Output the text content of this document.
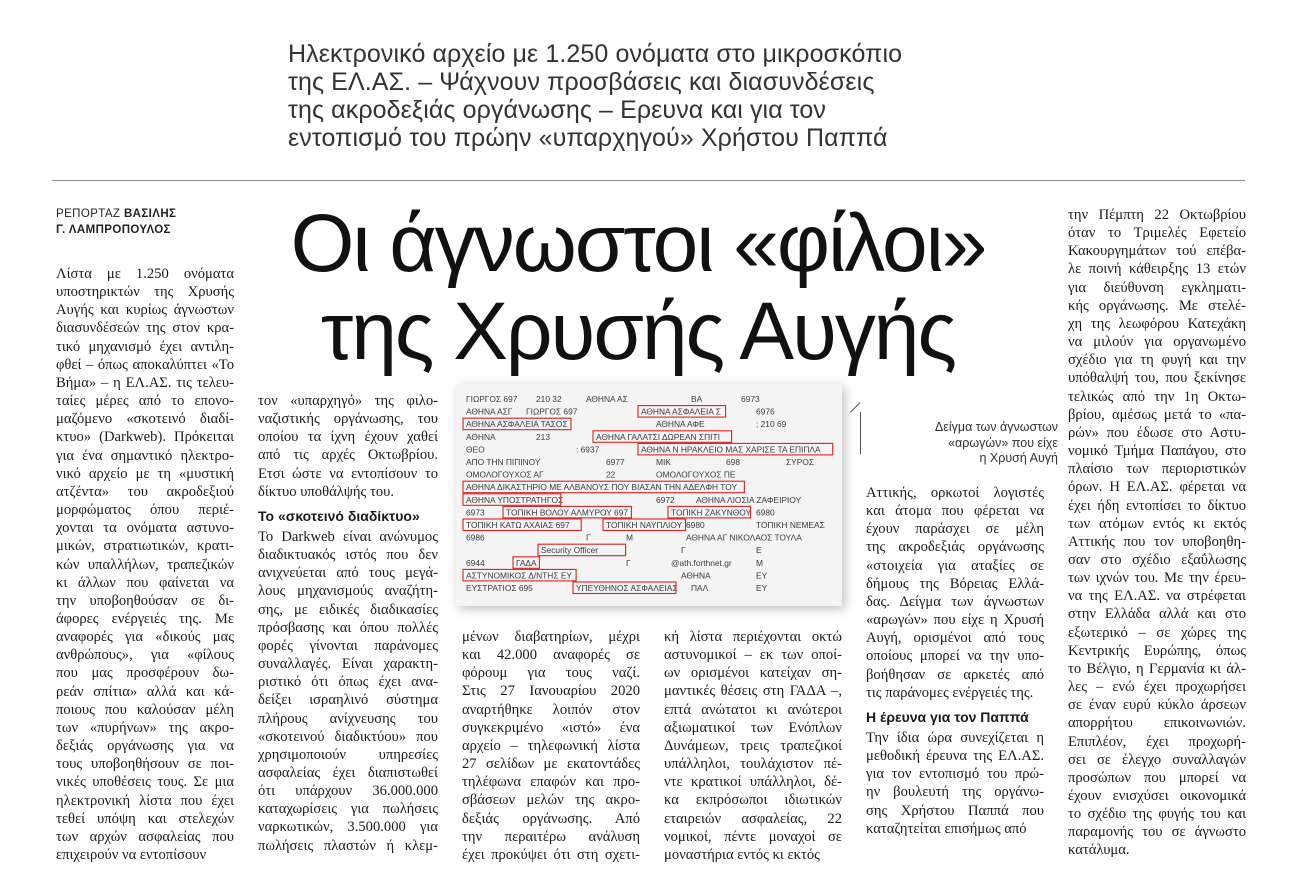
Ηλεκτρονικό αρχείο με 1.250 ονόματα στο μικροσκόπιο
της ΕΛ.ΑΣ. – Ψάχνουν προσβάσεις και διασυνδέσεις
της ακροδεξιάς οργάνωσης – Ερευνα και για τον
εντοπισμό του πρώην «υπαρχηγού» Χρήστου Παππά
ΡΕΠΟΡΤΑΖ ΒΑΣΙΛΗΣ
Γ. ΛΑΜΠΡΟΠΟΥΛΟΣ	Οι άγνωστοι «φίλοι»
της Χρυσής Αυγής
Λίστα με 1.250 ονόματα
υποστηρικτών της Χρυσής
Αυγής και κυρίως άγνωστων
διασυνδέσεών της στον κρα-
τικό μηχανισμό έχει αντιλη-
φθεί – όπως αποκαλύπτει «Το
Βήμα» – η ΕΛ.ΑΣ. τις τελευ-
ταίες μέρες από το επονο-
μαζόμενο «σκοτεινό διαδί-
κτυο» (Darkweb). Πρόκειται
για ένα σημαντικό ηλεκτρο-
νικό αρχείο με τη «μυστική
ατζέντα» του ακροδεξιού
μορφώματος όπου περιέ-
χονται τα ονόματα αστυνο-
μικών, στρατιωτικών, κρατι-
κών υπαλλήλων, τραπεζικών
κι άλλων που φαίνεται να
την υποβοηθούσαν σε δι-
άφορες ενέργειές της. Με
αναφορές για «δικούς μας
ανθρώπους», για «φίλους
που μας προσφέρουν δω-
ρεάν σπίτια» αλλά και κά-
ποιους που καλούσαν μέλη
των «πυρήνων» της ακρο-
δεξιάς οργάνωσης για να
τους υποβοηθήσουν σε ποι-
νικές υποθέσεις τους. Σε μια
ηλεκτρονική λίστα που έχει
τεθεί υπόψη και στελεχών
των αρχών ασφαλείας που
επιχειρούν να εντοπίσουν
τον «υπαρχηγό» της φιλο-
ναζιστικής οργάνωσης, του
οποίου τα ίχνη έχουν χαθεί
από τις αρχές Οκτωβρίου.
Ετσι ώστε να εντοπίσουν το
δίκτυο υποθάλψής του.

Το «σκοτεινό διαδίκτυο»

Το Darkweb είναι ανώνυμος
διαδικτυακός ιστός που δεν
ανιχνεύεται από τους μεγά-
λους μηχανισμούς αναζήτη-
σης, με ειδικές διαδικασίες
πρόσβασης και όπου πολλές
φορές γίνονται παράνομες
συναλλαγές. Είναι χαρακτη-
ριστικό ότι όπως έχει ανα-
δείξει ισραηλινό σύστημα
πλήρους ανίχνευσης του
«σκοτεινού διαδικτύου» που
χρησιμοποιούν υπηρεσίες
ασφαλείας έχει διαπιστωθεί
ότι υπάρχουν 36.000.000
καταχωρίσεις για πωλήσεις
ναρκωτικών, 3.500.000 για
πωλήσεις πλαστών ή κλεμ-
ΓΙΩΡΓΟΣ 697 210 32	ΑΘΗΝΑ ΑΣ	ΒΑ	6973
ΑΘΗΝΑ ΑΣΓ ΓΙΩΡΓΟΣ 697	ΑΘΗΝΑ ΑΣΦΑΛΕΙΑ Σ	6976
ΑΘΗΝΑ ΑΣΦΑΛΕΙΑ ΤΑΣΟΣ	ΑΘΗΝΑ ΑΦΕ	; 210 69
ΑΘΗΝΑ	213	ΑΘΗΝΑ ΓΑΛΑΤΣΙ ΔΩΡΕΑΝ ΣΠΙΤΙ
ΘΕΟ	: 6937	ΑΘΗΝΑ Ν ΗΡΑΚΛΕΙΟ ΜΑΣ ΧΑΡΙΣΕ ΤΑ ΕΠΙΠΛΑ
ΑΠΟ ΤΗΝ ΠΙΠΙΝΟΥ	6977	ΜΙΚ	698	ΣΥΡΟΣ
ΟΜΟΛΟΓΟΥΧΟΣ ΑΓ	22	ΟΜΟΛΟΓΟΥΧΟΣ ΠΕ
ΑΘΗΝΑ ΔΙΚΑΣΤΗΡΙΟ ΜΕ ΑΛΒΑΝΟΥΣ ΠΟΥ ΒΙΑΣΑΝ ΤΗΝ ΑΔΕΛΦΗ ΤΟΥ
ΑΘΗΝΑ ΥΠΟΣΤΡΑΤΗΓΟΣ	6972	ΑΘΗΝΑ ΛΙΟΣΙΑ ΖΑΦΕΙΡΙΟΥ
6973	ΤΟΠΙΚΗ ΒΟΛΟΥ ΑΛΜΥΡΟΥ 697	ΤΟΠΙΚΗ ΖΑΚΥΝΘΟΥ 6980
ΤΟΠΙΚΗ ΚΑΤΩ ΑΧΑΙΑΣ 697	ΤΟΠΙΚΗ ΝΑΥΠΛΙΟΥ 6980	ΤΟΠΙΚΗ ΝΕΜΕΑΣ
6986	Γ	Μ	ΑΘΗΝΑ ΑΓ ΝΙΚΟΛΑΟΣ ΤΟΥΛΑ
Security Officer	Γ	Ε
6944	ΓΑΔΑ	Γ	@ath.forthnet.gr	Μ
ΑΣΤΥΝΟΜΙΚΟΣ Δ/ΝΤΗΣ ΕΥ	ΑΘΗΝΑ	ΕΥ
ΕΥΣΤΡΑΤΙΟΣ 695	ΥΠΕΥΘΗΝΟΣ ΑΣΦΑΛΕΙΑΣ ΠΑΛ	ΕΥ
Δείγμα των άγνωστων
«αρωγών» που είχε
η Χρυσή Αυγή
μένων διαβατηρίων, μέχρι
και 42.000 αναφορές σε
φόρουμ για τους ναζί.
Στις 27 Ιανουαρίου 2020
αναρτήθηκε λοιπόν στον
συγκεκριμένο «ιστό» ένα
αρχείο – τηλεφωνική λίστα
27 σελίδων με εκατοντάδες
τηλέφωνα επαφών και προ-
σβάσεων μελών της ακρο-
δεξιάς οργάνωσης. Από
την περαιτέρω ανάλυση
έχει προκύψει ότι στη σχετι-
κή λίστα περιέχονται οκτώ
αστυνομικοί – εκ των οποί-
ων ορισμένοι κατείχαν ση-
μαντικές θέσεις στη ΓΑΔΑ –,
επτά ανώτατοι κι ανώτεροι
αξιωματικοί των Ενόπλων
Δυνάμεων, τρεις τραπεζικοί
υπάλληλοι, τουλάχιστον πέ-
ντε κρατικοί υπάλληλοι, δέ-
κα εκπρόσωποι ιδιωτικών
εταιρειών ασφαλείας, 22
νομικοί, πέντε μοναχοί σε
μοναστήρια εντός κι εκτός
Αττικής, ορκωτοί λογιστές
και άτομα που φέρεται να
έχουν παράσχει σε μέλη
της ακροδεξιάς οργάνωσης
«στοιχεία για αταξίες σε
δήμους της Βόρειας Ελλά-
δας. Δείγμα των άγνωστων
«αρωγών» που είχε η Χρυσή
Αυγή, ορισμένοι από τους
οποίους μπορεί να την υπο-
βοήθησαν σε αρκετές από
τις παράνομες ενέργειές της.

Η έρευνα για τον Παππά

Την ίδια ώρα συνεχίζεται η
μεθοδική έρευνα της ΕΛ.ΑΣ.
για τον εντοπισμό του πρώ-
ην βουλευτή της οργάνω-
σης Χρήστου Παππά που
καταζητείται επισήμως από
την Πέμπτη 22 Οκτωβρίου
όταν το Τριμελές Εφετείο
Κακουργημάτων τού επέβα-
λε ποινή κάθειρξης 13 ετών
για διεύθυνση εγκληματι-
κής οργάνωσης. Με στελέ-
χη της λεωφόρου Κατεχάκη
να μιλούν για οργανωμένο
σχέδιο για τη φυγή και την
υπόθαλψή του, που ξεκίνησε
τελικώς από την 1η Οκτω-
βρίου, αμέσως μετά το «πα-
ρών» που έδωσε στο Αστυ-
νομικό Τμήμα Παπάγου, στο
πλαίσιο των περιοριστικών
όρων. Η ΕΛ.ΑΣ. φέρεται να
έχει ήδη εντοπίσει το δίκτυο
των ατόμων εντός κι εκτός
Αττικής που τον υποβοηθη-
σαν στο σχέδιο εξαΰλωσης
των ιχνών του. Με την έρευ-
να της ΕΛ.ΑΣ. να στρέφεται
στην Ελλάδα αλλά και στο
εξωτερικό – σε χώρες της
Κεντρικής Ευρώπης, όπως
το Βέλγιο, η Γερμανία κι άλ-
λες – ενώ έχει προχωρήσει
σε έναν ευρύ κύκλο άρσεων
απορρήτου επικοινωνιών.
Επιπλέον, έχει προχωρή-
σει σε έλεγχο συναλλαγών
προσώπων που μπορεί να
έχουν ενισχύσει οικονομικά
το σχέδιο της φυγής του και
παραμονής του σε άγνωστο
κατάλυμα.
